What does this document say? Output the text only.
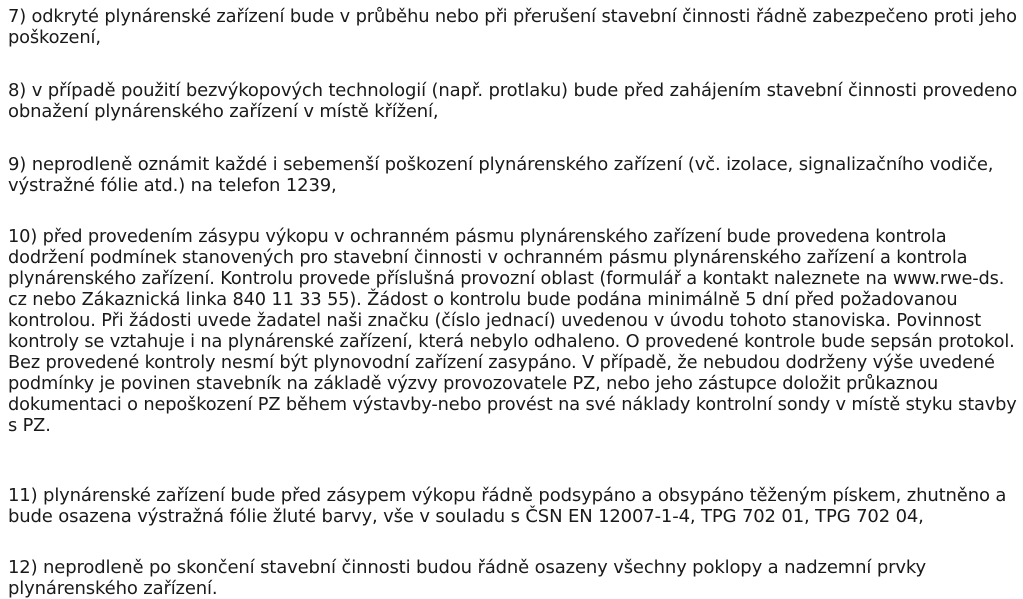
7) odkryté plynárenské zařízení bude v průběhu nebo při přerušení stavební činnosti řádně zabezpečeno proti jeho poškození,
8) v případě použití bezvýkopových technologií (např. protlaku) bude před zahájením stavební činnosti provedeno obnažení plynárenského zařízení v místě křížení,
9) neprodleně oznámit každé i sebemenší poškození plynárenského zařízení (vč. izolace, signalizačního vodiče,
výstražné fólie atd.) na telefon 1239,
10) před provedením zásypu výkopu v ochranném pásmu plynárenského zařízení bude provedena kontrola dodržení podmínek stanovených pro stavební činnosti v ochranném pásmu plynárenského zařízení a kontrola plynárenského zařízení. Kontrolu provede příslušná provozní oblast (formulář a kontakt naleznete na www.rwe-ds. cz nebo Zákaznická linka 840 11 33 55). Žádost o kontrolu bude podána minimálně 5 dní před požadovanou kontrolou. Při žádosti uvede žadatel naši značku (číslo jednací) uvedenou v úvodu tohoto stanoviska. Povinnost kontroly se vztahuje i na plynárenské zařízení, která nebylo odhaleno. O provedené kontrole bude sepsán protokol. Bez provedené kontroly nesmí být plynovodní zařízení zasypáno. V případě, že nebudou dodrženy výše uvedené podmínky je povinen stavebník na základě výzvy provozovatele PZ, nebo jeho zástupce doložit průkaznou dokumentaci o nepoškození PZ během výstavby-nebo provést na své náklady kontrolní sondy v místě styku stavby s PZ.
11) plynárenské zařízení bude před zásypem výkopu řádně podsypáno a obsypáno těženým pískem, zhutněno a
bude osazena výstražná fólie žluté barvy, vše v souladu s ČSN EN 12007-1-4, TPG 702 01, TPG 702 04,
12) neprodleně po skončení stavební činnosti budou řádně osazeny všechny poklopy a nadzemní prvky
plynárenského zařízení.
